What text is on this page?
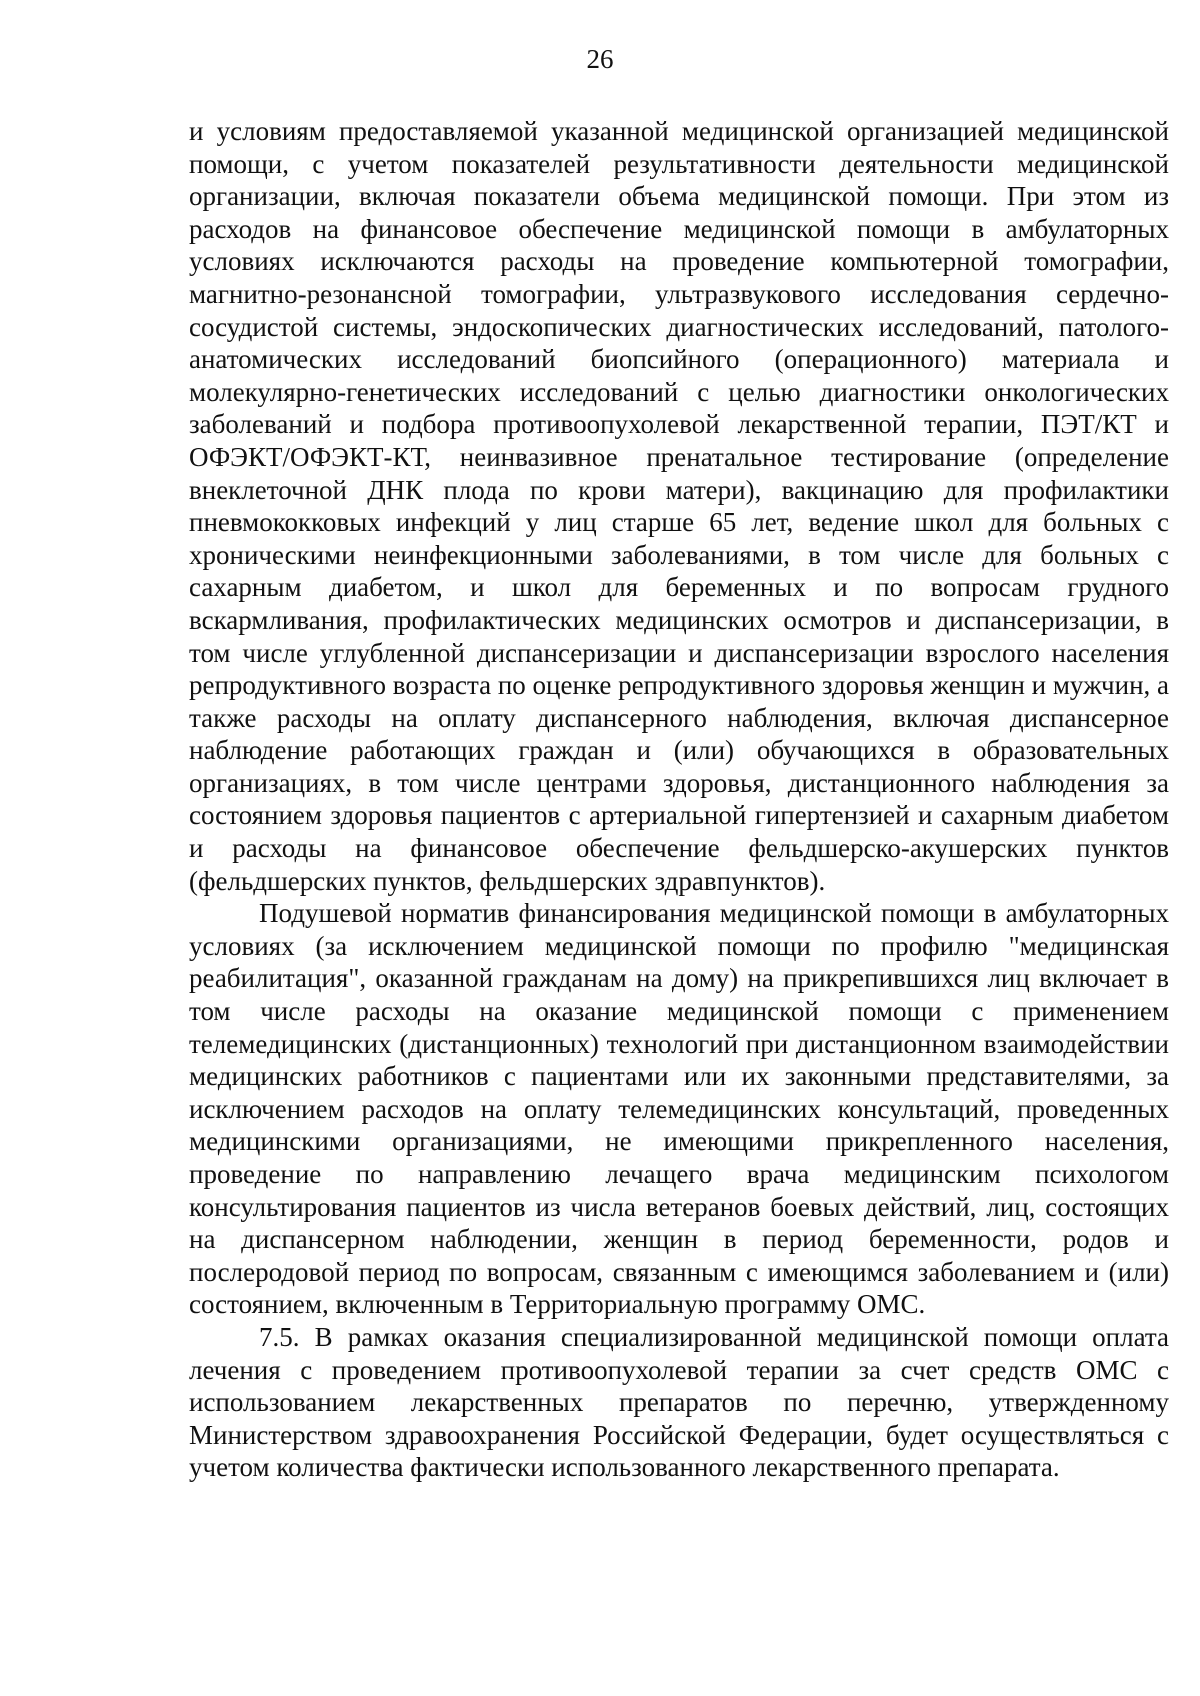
26

и условиям предоставляемой указанной медицинской организацией медицинской помощи, с учетом показателей результативности деятельности медицинской организации, включая показатели объема медицинской помощи. При этом из расходов на финансовое обеспечение медицинской помощи в амбулаторных условиях исключаются расходы на проведение компьютерной томографии, магнитно-резонансной томографии, ультразвукового исследования сердечно-сосудистой системы, эндоскопических диагностических исследований, патолого-анатомических исследований биопсийного (операционного) материала и молекулярно-генетических исследований с целью диагностики онкологических заболеваний и подбора противоопухолевой лекарственной терапии, ПЭТ/КТ и ОФЭКТ/ОФЭКТ-КТ, неинвазивное пренатальное тестирование (определение внеклеточной ДНК плода по крови матери), вакцинацию для профилактики пневмококковых инфекций у лиц старше 65 лет, ведение школ для больных с хроническими неинфекционными заболеваниями, в том числе для больных с сахарным диабетом, и школ для беременных и по вопросам грудного вскармливания, профилактических медицинских осмотров и диспансеризации, в том числе углубленной диспансеризации и диспансеризации взрослого населения репродуктивного возраста по оценке репродуктивного здоровья женщин и мужчин, а также расходы на оплату диспансерного наблюдения, включая диспансерное наблюдение работающих граждан и (или) обучающихся в образовательных организациях, в том числе центрами здоровья, дистанционного наблюдения за состоянием здоровья пациентов с артериальной гипертензией и сахарным диабетом и расходы на финансовое обеспечение фельдшерско-акушерских пунктов (фельдшерских пунктов, фельдшерских здравпунктов).

Подушевой норматив финансирования медицинской помощи в амбулаторных условиях (за исключением медицинской помощи по профилю "медицинская реабилитация", оказанной гражданам на дому) на прикрепившихся лиц включает в том числе расходы на оказание медицинской помощи с применением телемедицинских (дистанционных) технологий при дистанционном взаимодействии медицинских работников с пациентами или их законными представителями, за исключением расходов на оплату телемедицинских консультаций, проведенных медицинскими организациями, не имеющими прикрепленного населения, проведение по направлению лечащего врача медицинским психологом консультирования пациентов из числа ветеранов боевых действий, лиц, состоящих на диспансерном наблюдении, женщин в период беременности, родов и послеродовой период по вопросам, связанным с имеющимся заболеванием и (или) состоянием, включенным в Территориальную программу ОМС.

7.5. В рамках оказания специализированной медицинской помощи оплата лечения с проведением противоопухолевой терапии за счет средств ОМС с использованием лекарственных препаратов по перечню, утвержденному Министерством здравоохранения Российской Федерации, будет осуществляться с учетом количества фактически использованного лекарственного препарата.
